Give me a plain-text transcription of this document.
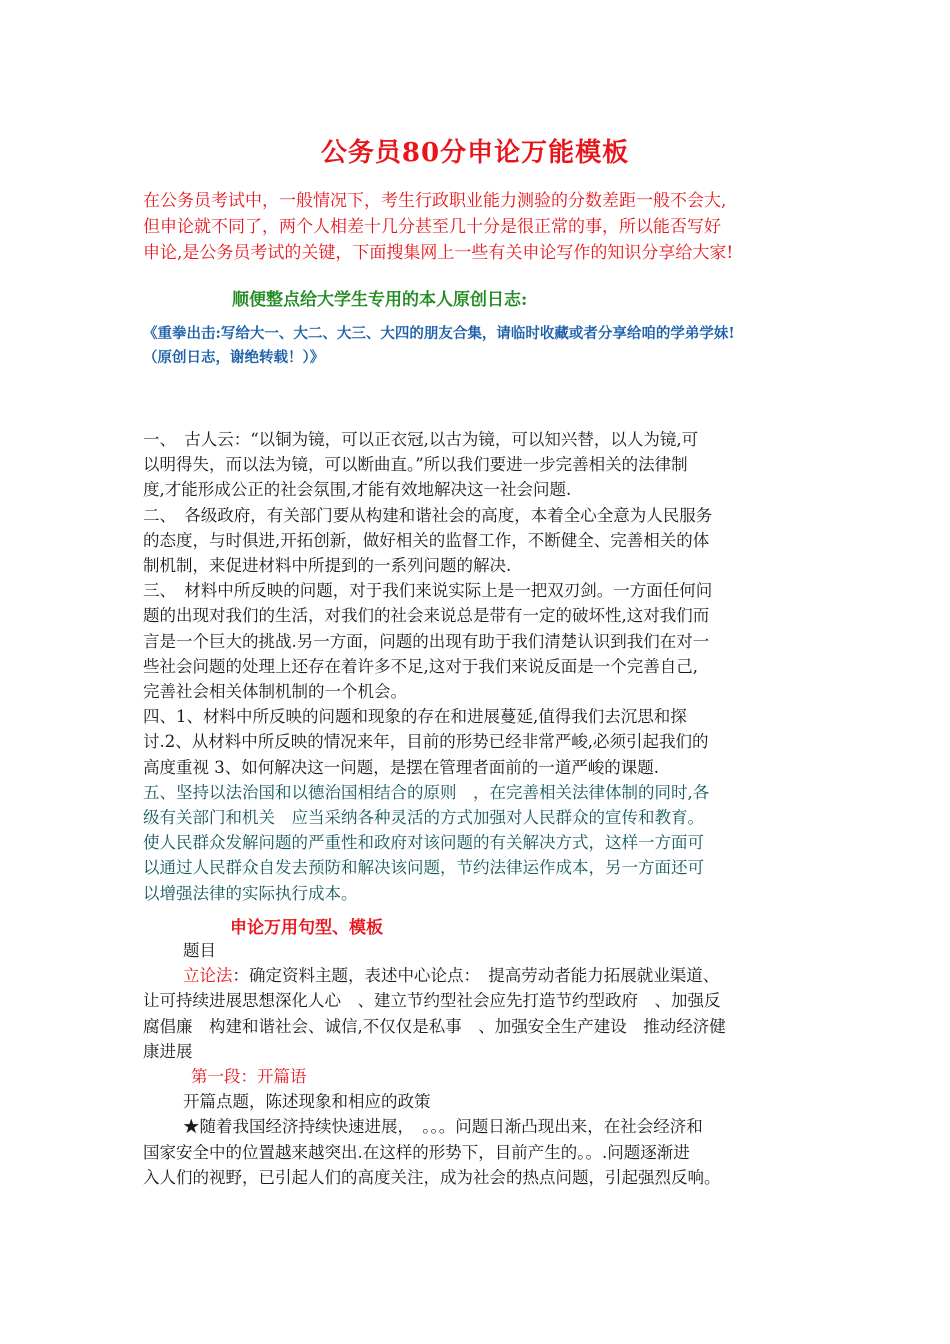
公务员80分申论万能模板

在公务员考试中，一般情况下，考生行政职业能力测验的分数差距一般不会大,

但申论就不同了，两个人相差十几分甚至几十分是很正常的事，所以能否写好

申论,是公务员考试的关键，下面搜集网上一些有关申论写作的知识分享给大家!

顺便整点给大学生专用的本人原创日志:

《重拳出击:写给大一、大二、大三、大四的朋友合集，请临时收藏或者分享给咱的学弟学妹!

（原创日志，谢绝转载！）》

一、　古人云：“以铜为镜，可以正衣冠,以古为镜，可以知兴替，以人为镜,可

以明得失，而以法为镜，可以断曲直。”所以我们要进一步完善相关的法律制

度,才能形成公正的社会氛围,才能有效地解决这一社会问题.

二、　各级政府，有关部门要从构建和谐社会的高度，本着全心全意为人民服务

的态度，与时俱进,开拓创新，做好相关的监督工作，不断健全、完善相关的体

制机制，来促进材料中所提到的一系列问题的解决.

三、　材料中所反映的问题，对于我们来说实际上是一把双刃剑。一方面任何问

题的出现对我们的生活，对我们的社会来说总是带有一定的破坏性,这对我们而

言是一个巨大的挑战.另一方面，问题的出现有助于我们清楚认识到我们在对一

些社会问题的处理上还存在着许多不足,这对于我们来说反面是一个完善自己,

完善社会相关体制机制的一个机会。

四、1、材料中所反映的问题和现象的存在和进展蔓延,值得我们去沉思和探

讨.2、从材料中所反映的情况来年，目前的形势已经非常严峻,必须引起我们的

高度重视 3、如何解决这一问题，是摆在管理者面前的一道严峻的课题.

五、坚持以法治国和以德治国相结合的原则　，在完善相关法律体制的同时,各

级有关部门和机关　应当采纳各种灵活的方式加强对人民群众的宣传和教育。

使人民群众发解问题的严重性和政府对该问题的有关解决方式，这样一方面可

以通过人民群众自发去预防和解决该问题，节约法律运作成本，另一方面还可

以增强法律的实际执行成本。

申论万用句型、模板

题目

立论法：确定资料主题，表述中心论点：　提高劳动者能力拓展就业渠道、

让可持续进展思想深化人心　、建立节约型社会应先打造节约型政府　、加强反

腐倡廉　构建和谐社会、诚信,不仅仅是私事　、加强安全生产建设　推动经济健

康进展

第一段：开篇语

开篇点题，陈述现象和相应的政策

★随着我国经济持续快速进展，　。。。问题日渐凸现出来，在社会经济和

国家安全中的位置越来越突出.在这样的形势下，目前产生的。。.问题逐渐进

入人们的视野，已引起人们的高度关注，成为社会的热点问题，引起强烈反响。
